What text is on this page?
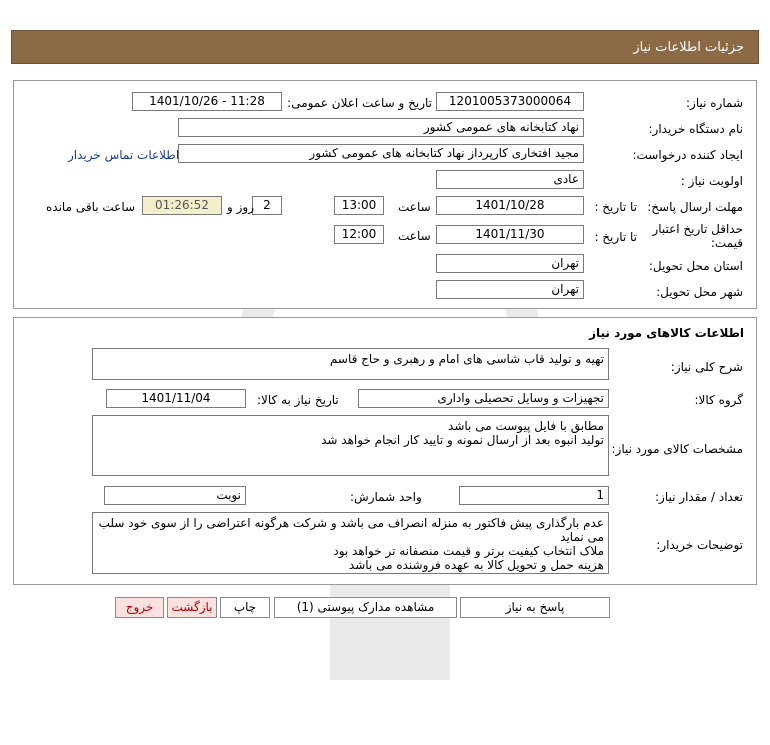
جزئیات اطلاعات نیاز
شماره نیاز:
1201005373000064
تاریخ و ساعت اعلان عمومی:
1401/10/26 - 11:28
نام دستگاه خریدار:
نهاد کتابخانه های عمومی کشور
ایجاد کننده درخواست:
مجید افتخاری کارپرداز نهاد کتابخانه های عمومی کشور
اطلاعات تماس خریدار
اولویت نیاز :
عادی
مهلت ارسال پاسخ:
تا تاریخ :
1401/10/28
ساعت
13:00
2
روز و
01:26:52
ساعت باقی مانده
حداقل تاریخ اعتبار
قیمت:
تا تاریخ :
1401/11/30
ساعت
12:00
استان محل تحویل:
تهران
شهر محل تحویل:
تهران
اطلاعات کالاهای مورد نیاز
شرح کلی نیاز:
تهیه و تولید قاب شاسی های امام و رهبری و حاج قاسم
گروه کالا:
تجهیزات و وسایل تحصیلی واداری
تاریخ نیاز به کالا:
1401/11/04
مشخصات کالای مورد نیاز:
مطابق با فایل پیوست می باشد
تولید انبوه بعد از ارسال نمونه و تایید کار انجام خواهد شد
تعداد / مقدار نیاز:
1
واحد شمارش:
نوبت
توضیحات خریدار:
عدم بارگذاری پیش فاکتور به منزله انصراف می باشد و شرکت هرگونه اعتراضی را از سوی خود سلب
می نماید
ملاک انتخاب کیفیت برتر و قیمت منصفانه تر خواهد بود
هزینه حمل و تحویل کالا به عهده فروشنده می باشد
پاسخ به نیاز
مشاهده مدارک پیوستی (1)
چاپ
بازگشت
خروج
